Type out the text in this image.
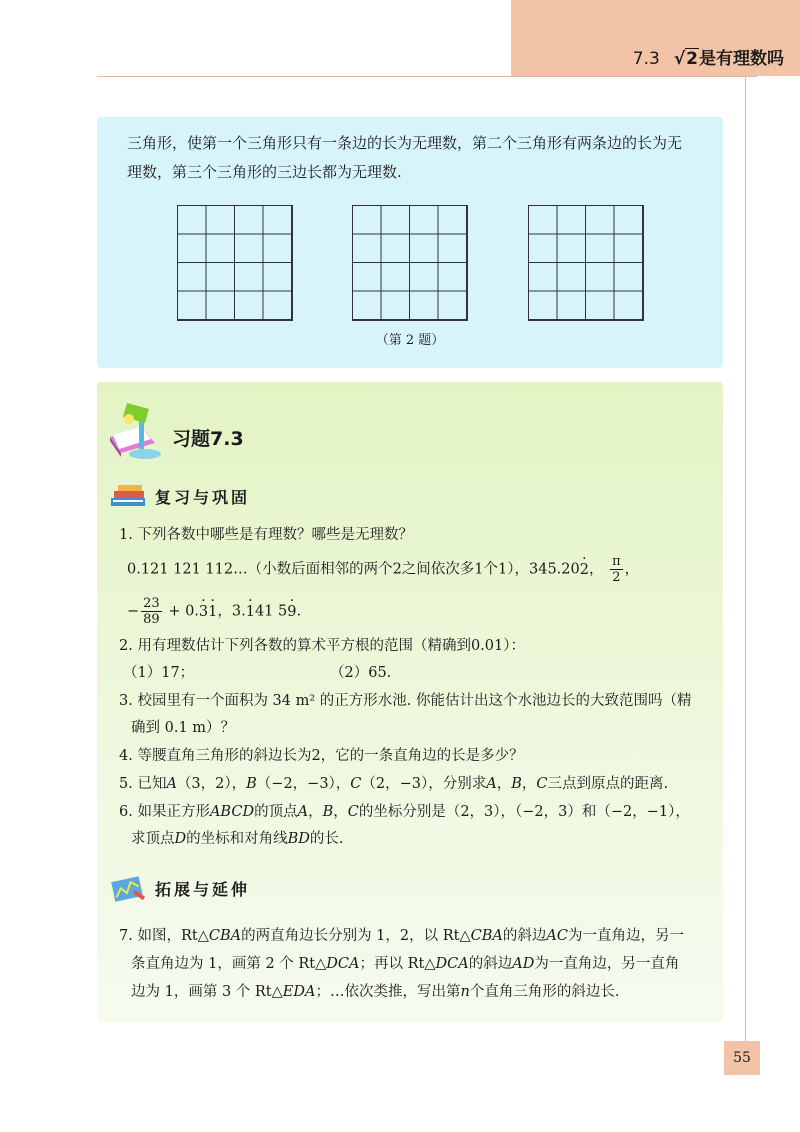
7.3 √2是有理数吗

三角形，使第一个三角形只有一条边的长为无理数，第二个三角形有两条边的长为无
理数，第三个三角形的三边长都为无理数.

（第 2 题）
习题7.3
复习与巩固

1. 下列各数中哪些是有理数？哪些是无理数？

0.121 121 112…（小数后面相邻的两个2之间依次多1个1），345.202 ·， $\frac{\pi}{2}$ ，

− $\frac{23}{89} + 0.3 \cdot 1$ ·，3.1 ·41 59 ·.

2. 用有理数估计下列各数的算术平方根的范围（精确到0.01）：

（1）17；	（2）65.

3. 校园里有一个面积为 34 m² 的正方形水池. 你能估计出这个水池边长的大致范围吗（精

确到 0.1 m）？

4. 等腰直角三角形的斜边长为2，它的一条直角边的长是多少？

5. 已知A（3，2），B（−2，−3），C（2，−3），分别求A，B，C三点到原点的距离.

6. 如果正方形ABCD的顶点A，B，C的坐标分别是（2，3），（−2，3）和（−2，−1），

求顶点D的坐标和对角线BD的长.

拓展与延伸

7. 如图，Rt△CBA的两直角边长分别为 1，2，以 Rt△CBA的斜边AC为一直角边，另一

条直角边为 1，画第 2 个 Rt△DCA；再以 Rt△DCA的斜边AD为一直角边，另一直角

边为 1，画第 3 个 Rt△EDA；…依次类推，写出第n个直角三角形的斜边长.

55
